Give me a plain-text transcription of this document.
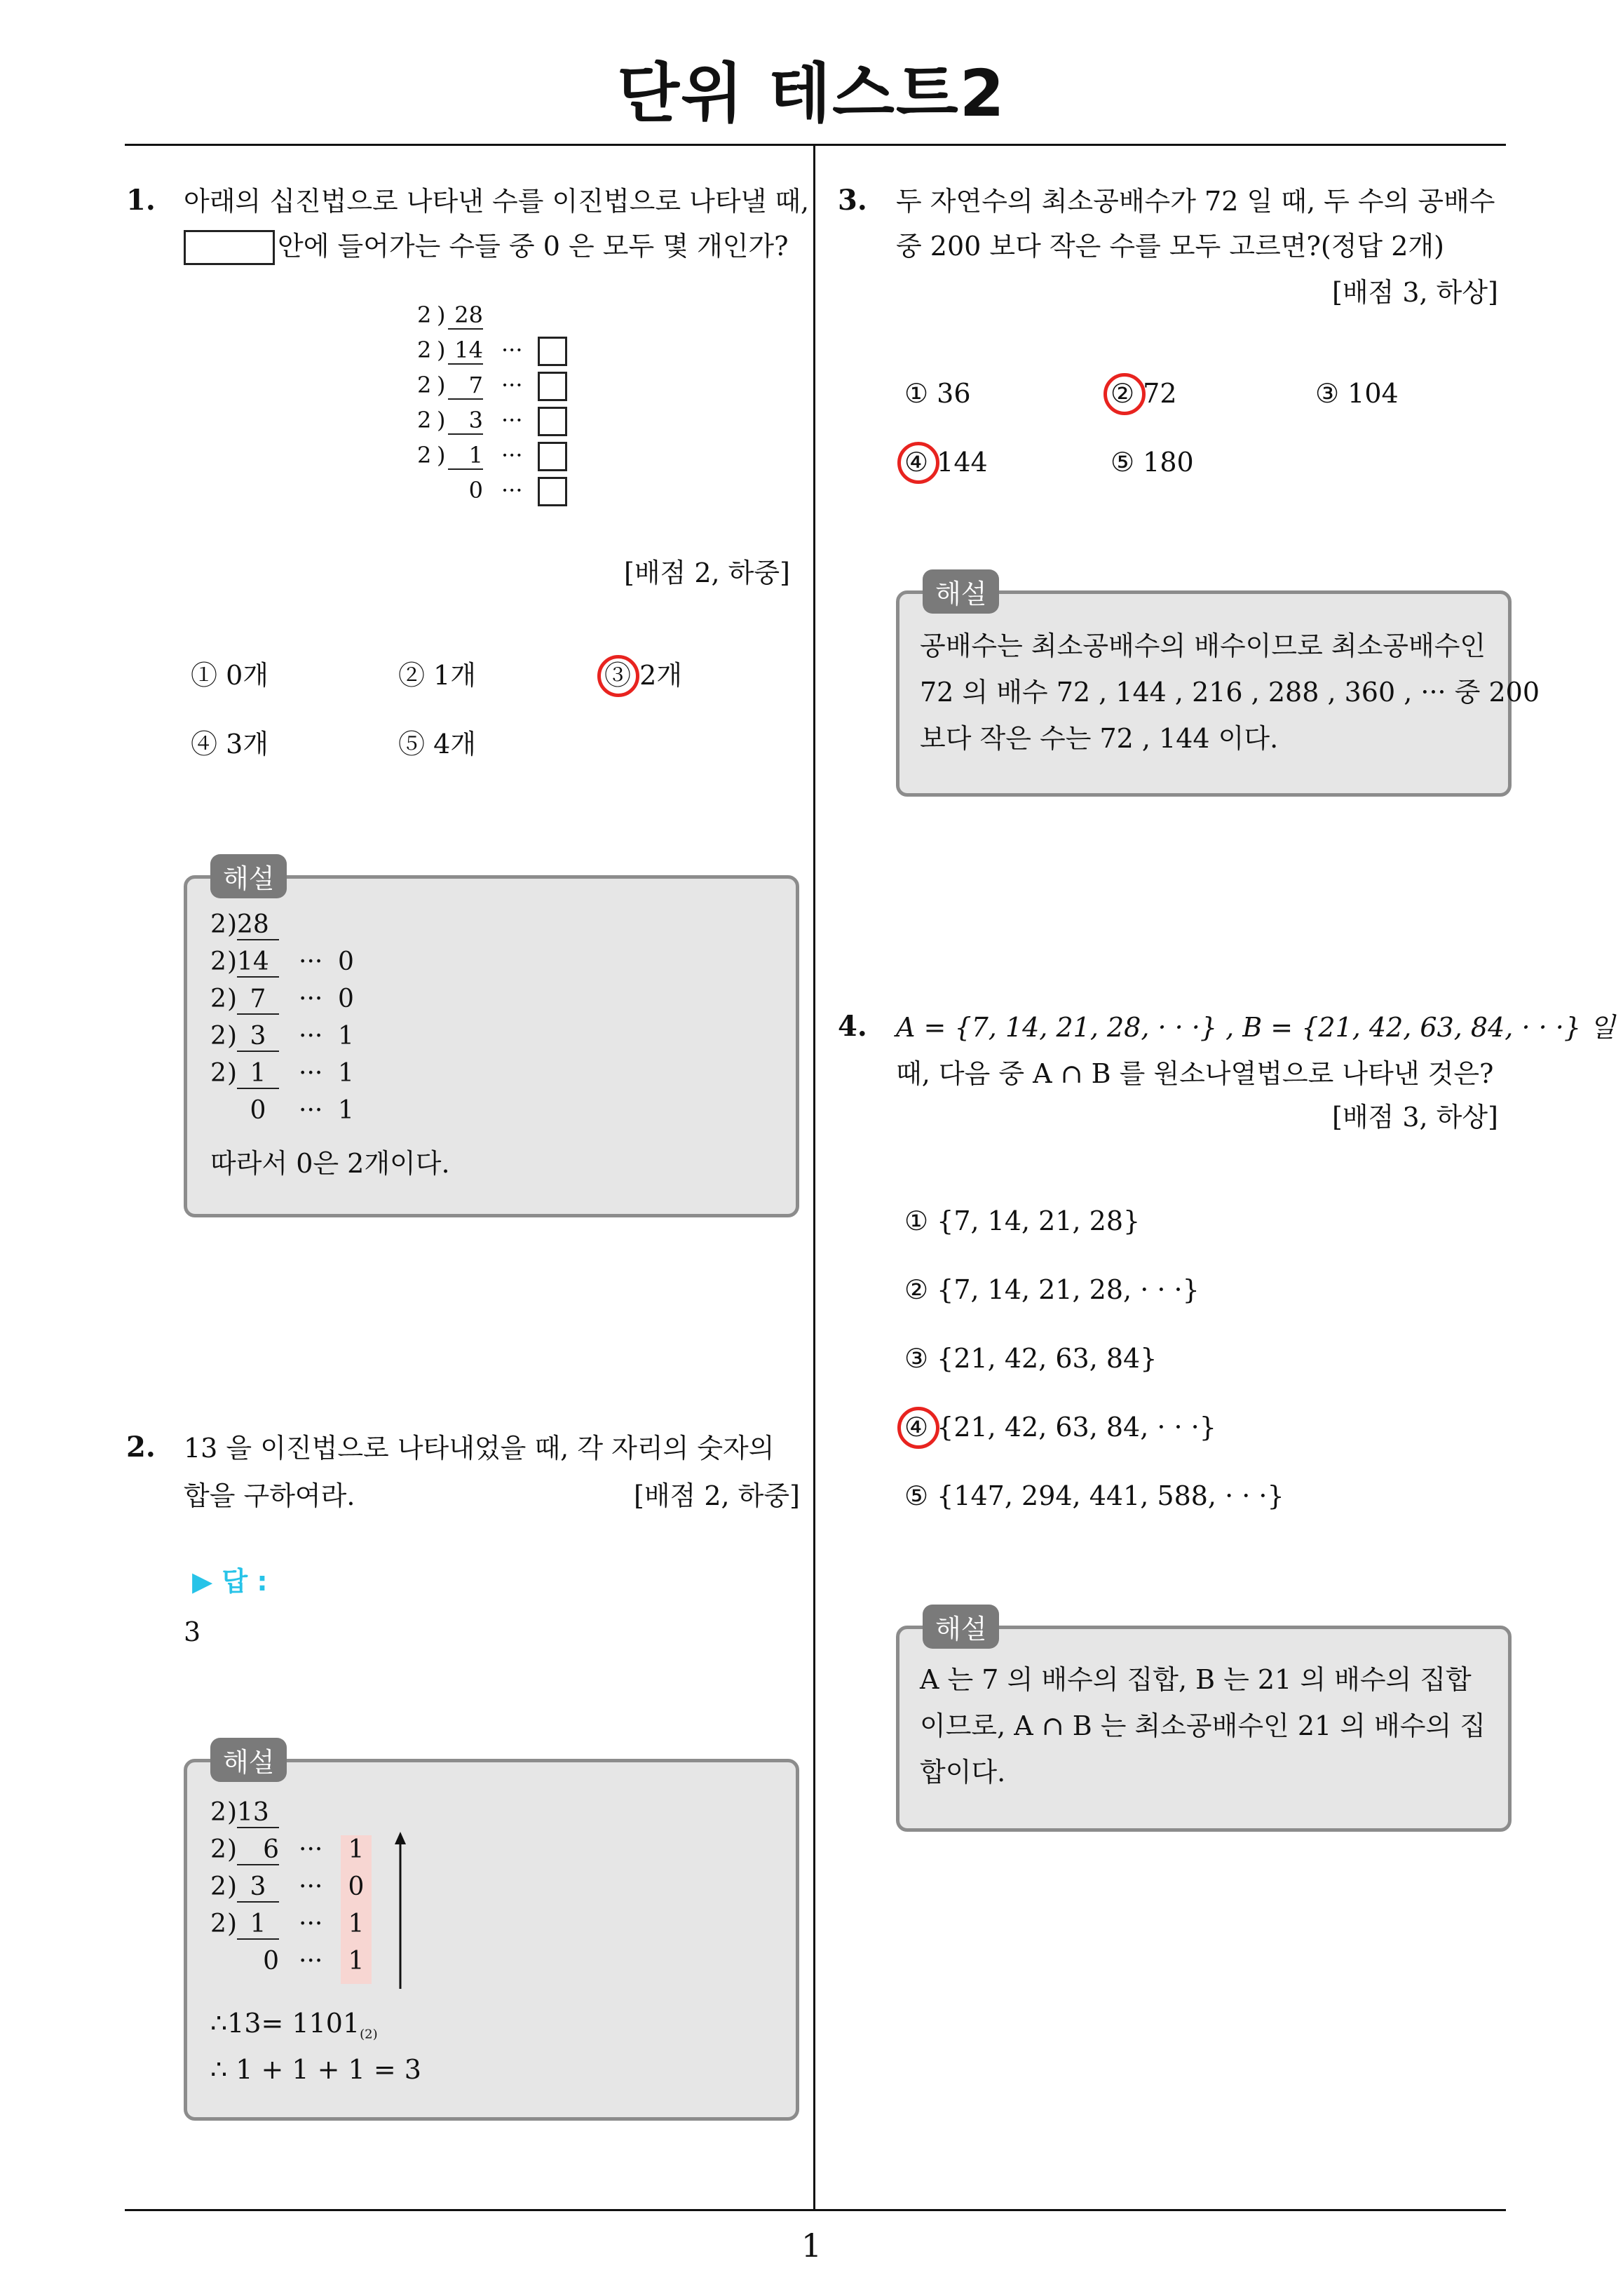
단위 테스트2
1
1. 아래의 십진법으로 나타낸 수를 이진법으로 나타낼 때,
안에 들어가는 수들 중 0 은 모두 몇 개인가?
2 ) 28
2 ) 14 ···
2 )	7 ···
2 )	3 ···
2 )	1 ···
0 ···
[배점 2, 하중]
① 0개	② 1개	③ 2개
④ 3개	⑤ 4개
해설
2 ) 28
2 ) 14	··· 0
2 ) 7	··· 0
2 ) 3	··· 1
2 ) 1	··· 1
0	··· 1
따라서 0은 2개이다.
2. 13 을 이진법으로 나타내었을 때, 각 자리의 숫자의
합을 구하여라.	[배점 2, 하중]
▶ 답 :
3
해설
2 ) 13
2 )	6 ··· 1
2 ) 3	··· 0
2 ) 1	··· 1
0 ··· 1
∴13= $1101_{(2)}$
∴ 1 + 1 + 1 = 3
3. 두 자연수의 최소공배수가 72 일 때, 두 수의 공배수
중 200 보다 작은 수를 모두 고르면?(정답 2개)
[배점 3, 하상]
① 36	② 72	③ 104
④ 144	⑤ 180
해설
공배수는 최소공배수의 배수이므로 최소공배수인
72 의 배수 72 , 144 , 216 , 288 , 360 , ··· 중 200
보다 작은 수는 72 , 144 이다.
4. A = {7, 14, 21, 28, · · ·} , B = {21, 42, 63, 84, · · ·} 일
때, 다음 중 A ∩ B 를 원소나열법으로 나타낸 것은?
[배점 3, 하상]
① {7, 14, 21, 28}
② {7, 14, 21, 28, · · ·}
③ {21, 42, 63, 84}
④ {21, 42, 63, 84, · · ·}
⑤ {147, 294, 441, 588, · · ·}
해설
A 는 7 의 배수의 집합, B 는 21 의 배수의 집합
이므로, A ∩ B 는 최소공배수인 21 의 배수의 집
합이다.
